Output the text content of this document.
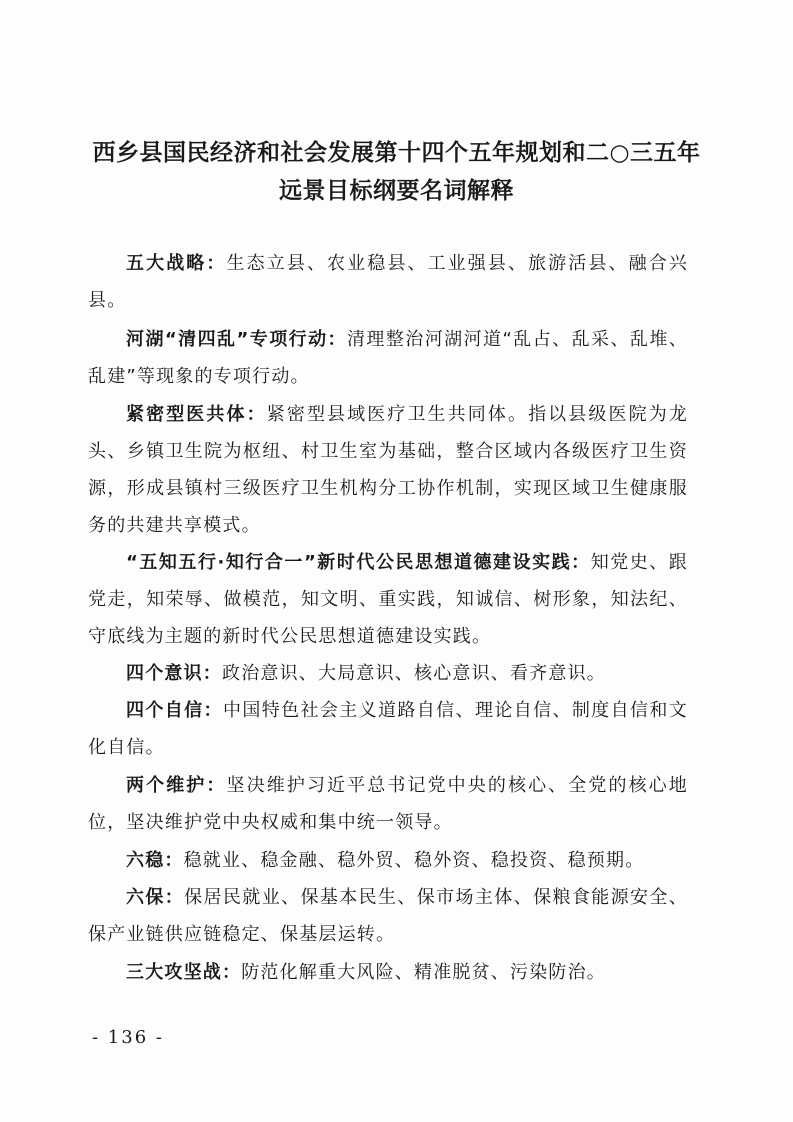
西乡县国民经济和社会发展第十四个五年规划和二○三五年
远景目标纲要名词解释
五大战略：生态立县、农业稳县、工业强县、旅游活县、融合兴县。
河湖“清四乱”专项行动：清理整治河湖河道“乱占、乱采、乱堆、乱建”等现象的专项行动。
紧密型医共体：紧密型县域医疗卫生共同体。指以县级医院为龙头、乡镇卫生院为枢纽、村卫生室为基础，整合区域内各级医疗卫生资源，形成县镇村三级医疗卫生机构分工协作机制，实现区域卫生健康服务的共建共享模式。
“五知五行·知行合一”新时代公民思想道德建设实践：知党史、跟党走，知荣辱、做模范，知文明、重实践，知诚信、树形象，知法纪、守底线为主题的新时代公民思想道德建设实践。
四个意识：政治意识、大局意识、核心意识、看齐意识。
四个自信：中国特色社会主义道路自信、理论自信、制度自信和文化自信。
两个维护：坚决维护习近平总书记党中央的核心、全党的核心地位，坚决维护党中央权威和集中统一领导。
六稳：稳就业、稳金融、稳外贸、稳外资、稳投资、稳预期。
六保：保居民就业、保基本民生、保市场主体、保粮食能源安全、保产业链供应链稳定、保基层运转。
三大攻坚战：防范化解重大风险、精准脱贫、污染防治。
- 136 -
